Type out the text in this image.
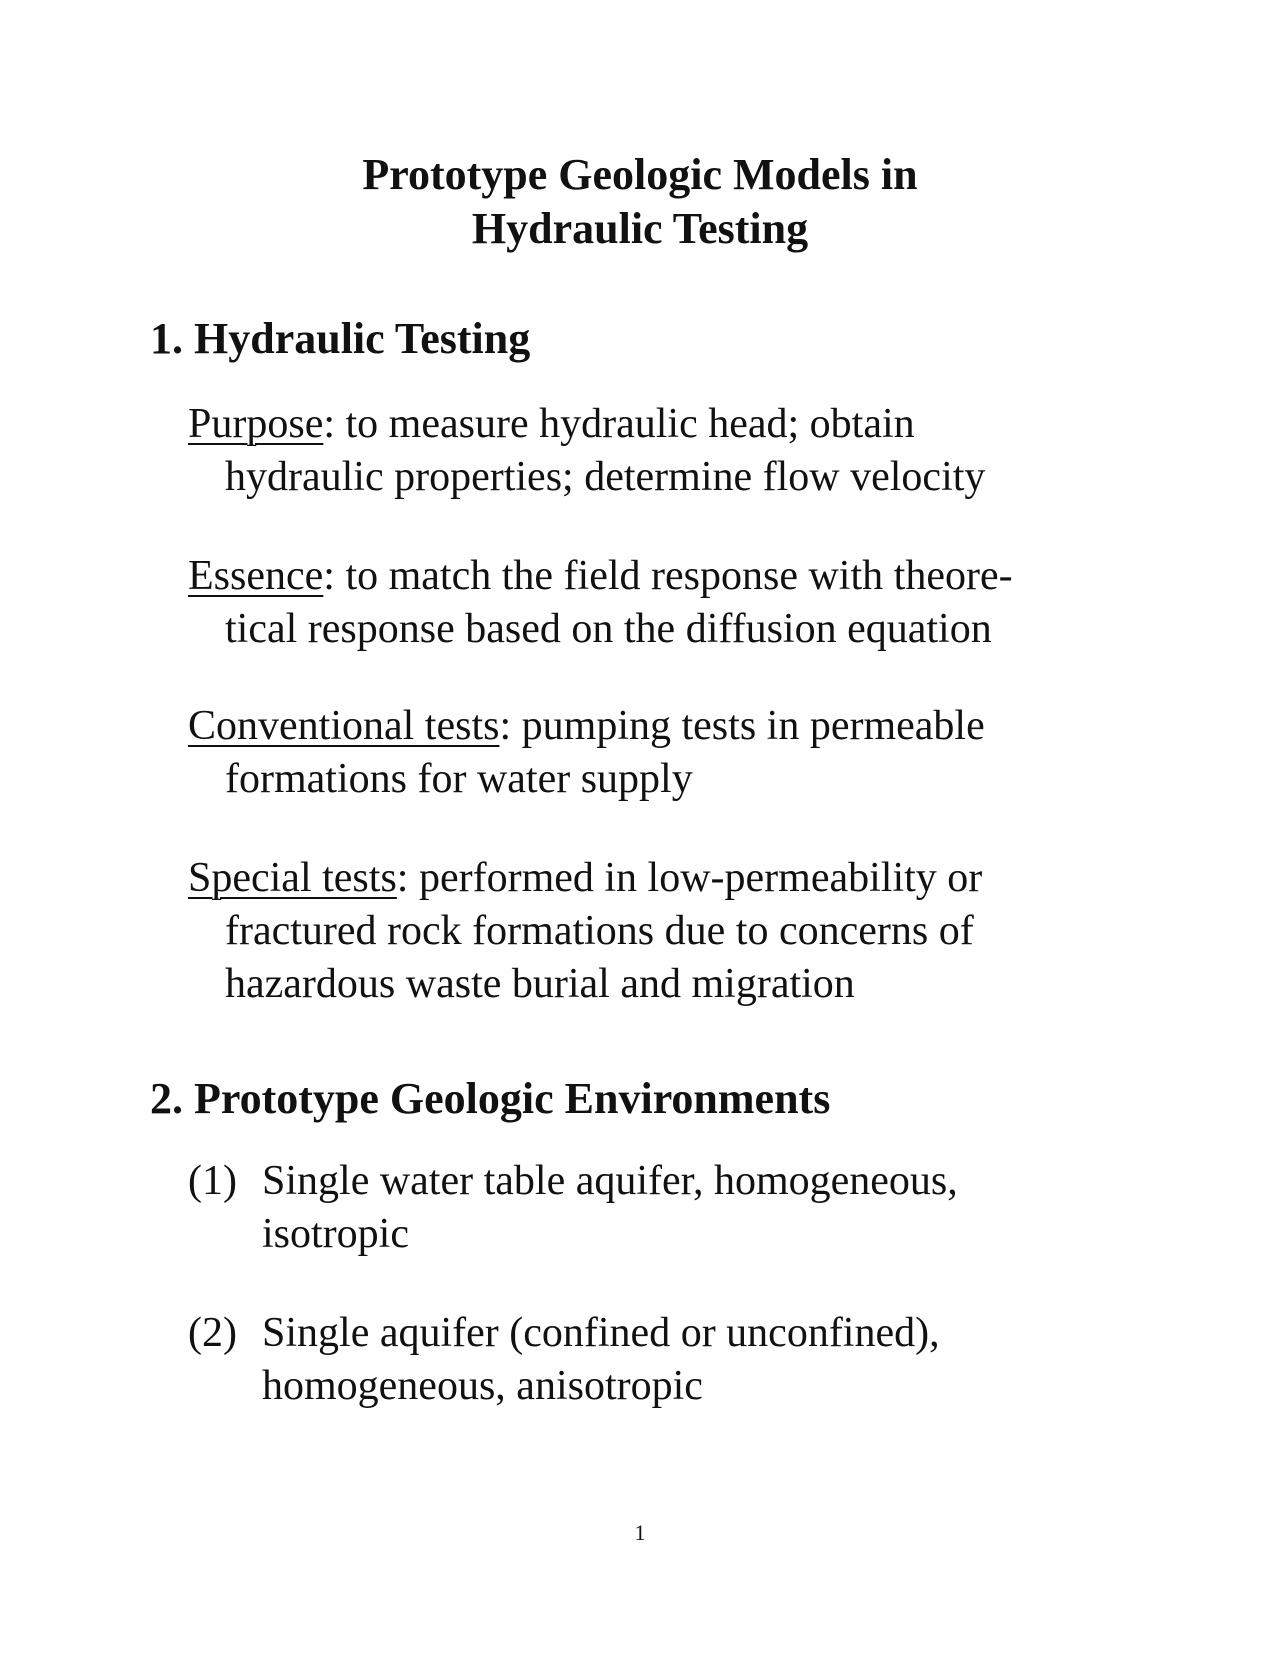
Prototype Geologic Models in
Hydraulic Testing
1. Hydraulic Testing
Purpose: to measure hydraulic head; obtain
hydraulic properties; determine flow velocity
Essence: to match the field response with theore-
tical response based on the diffusion equation
Conventional tests: pumping tests in permeable
formations for water supply
Special tests: performed in low-permeability or
fractured rock formations due to concerns of
hazardous waste burial and migration
2. Prototype Geologic Environments
(1) Single water table aquifer, homogeneous,
isotropic
(2) Single aquifer (confined or unconfined),
homogeneous, anisotropic
1
